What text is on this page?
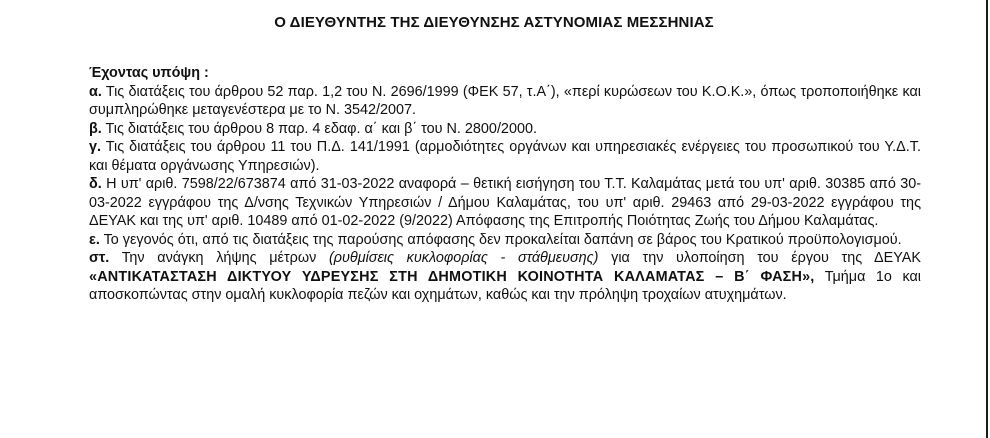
Ο ΔΙΕΥΘΥΝΤΗΣ ΤΗΣ ΔΙΕΥΘΥΝΣΗΣ ΑΣΤΥΝΟΜΙΑΣ ΜΕΣΣΗΝΙΑΣ

Έχοντας υπόψη :

α. Τις διατάξεις του άρθρου 52 παρ. 1,2 του Ν. 2696/1999 (ΦΕΚ 57, τ.Α΄), «περί κυρώσεων του Κ.Ο.Κ.», όπως τροποποιήθηκε και συμπληρώθηκε μεταγενέστερα με το Ν. 3542/2007.

β. Τις διατάξεις του άρθρου 8 παρ. 4 εδαφ. α΄ και β΄ του Ν. 2800/2000.

γ. Τις διατάξεις του άρθρου 11 του Π.Δ. 141/1991 (αρμοδιότητες οργάνων και υπηρεσιακές ενέργειες του προσωπικού του Υ.Δ.Τ. και θέματα οργάνωσης Υπηρεσιών).

δ. Η υπ' αριθ. 7598/22/673874 από 31-03-2022 αναφορά – θετική εισήγηση του Τ.Τ. Καλαμάτας μετά του υπ' αριθ. 30385 από 30-03-2022 εγγράφου της Δ/νσης Τεχνικών Υπηρεσιών / Δήμου Καλαμάτας, του υπ' αριθ. 29463 από 29-03-2022 εγγράφου της ΔΕΥΑΚ και της υπ' αριθ. 10489 από 01-02-2022 (9/2022) Απόφασης της Επιτροπής Ποιότητας Ζωής του Δήμου Καλαμάτας.

ε. Το γεγονός ότι, από τις διατάξεις της παρούσης απόφασης δεν προκαλείται δαπάνη σε βάρος του Κρατικού προϋπολογισμού.

στ. Την ανάγκη λήψης μέτρων (ρυθμίσεις κυκλοφορίας - στάθμευσης) για την υλοποίηση του έργου της ΔΕΥΑΚ «ΑΝΤΙΚΑΤΑΣΤΑΣΗ ΔΙΚΤΥΟΥ ΥΔΡΕΥΣΗΣ ΣΤΗ ΔΗΜΟΤΙΚΗ ΚΟΙΝΟΤΗΤΑ ΚΑΛΑΜΑΤΑΣ – Β΄ ΦΑΣΗ», Τμήμα 1ο και αποσκοπώντας στην ομαλή κυκλοφορία πεζών και οχημάτων, καθώς και την πρόληψη τροχαίων ατυχημάτων.
